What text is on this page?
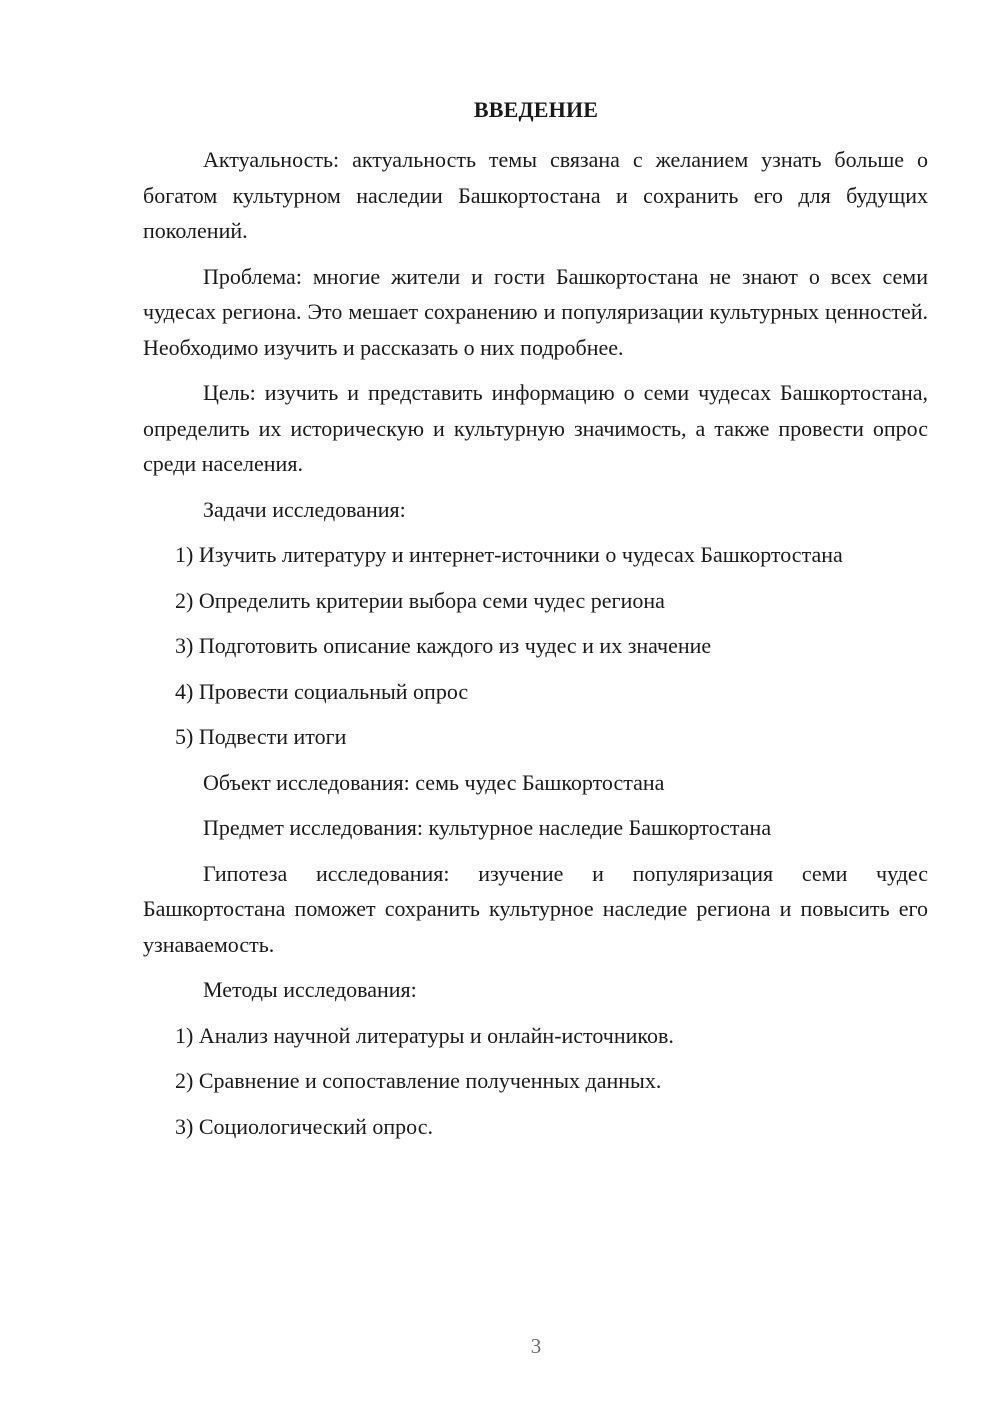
ВВЕДЕНИЕ

Актуальность: актуальность темы связана с желанием узнать больше о богатом культурном наследии Башкортостана и сохранить его для будущих поколений.

Проблема: многие жители и гости Башкортостана не знают о всех семи чудесах региона. Это мешает сохранению и популяризации культурных ценностей. Необходимо изучить и рассказать о них подробнее.

Цель: изучить и представить информацию о семи чудесах Башкортостана, определить их историческую и культурную значимость, а также провести опрос среди населения.

Задачи исследования:

1) Изучить литературу и интернет-источники о чудесах Башкортостана

2) Определить критерии выбора семи чудес региона

3) Подготовить описание каждого из чудес и их значение

4) Провести социальный опрос

5) Подвести итоги

Объект исследования: семь чудес Башкортостана

Предмет исследования: культурное наследие Башкортостана

Гипотеза исследования: изучение и популяризация семи чудес Башкортостана поможет сохранить культурное наследие региона и повысить его узнаваемость.

Методы исследования:

1) Анализ научной литературы и онлайн-источников.

2) Сравнение и сопоставление полученных данных.

3) Социологический опрос.

3
